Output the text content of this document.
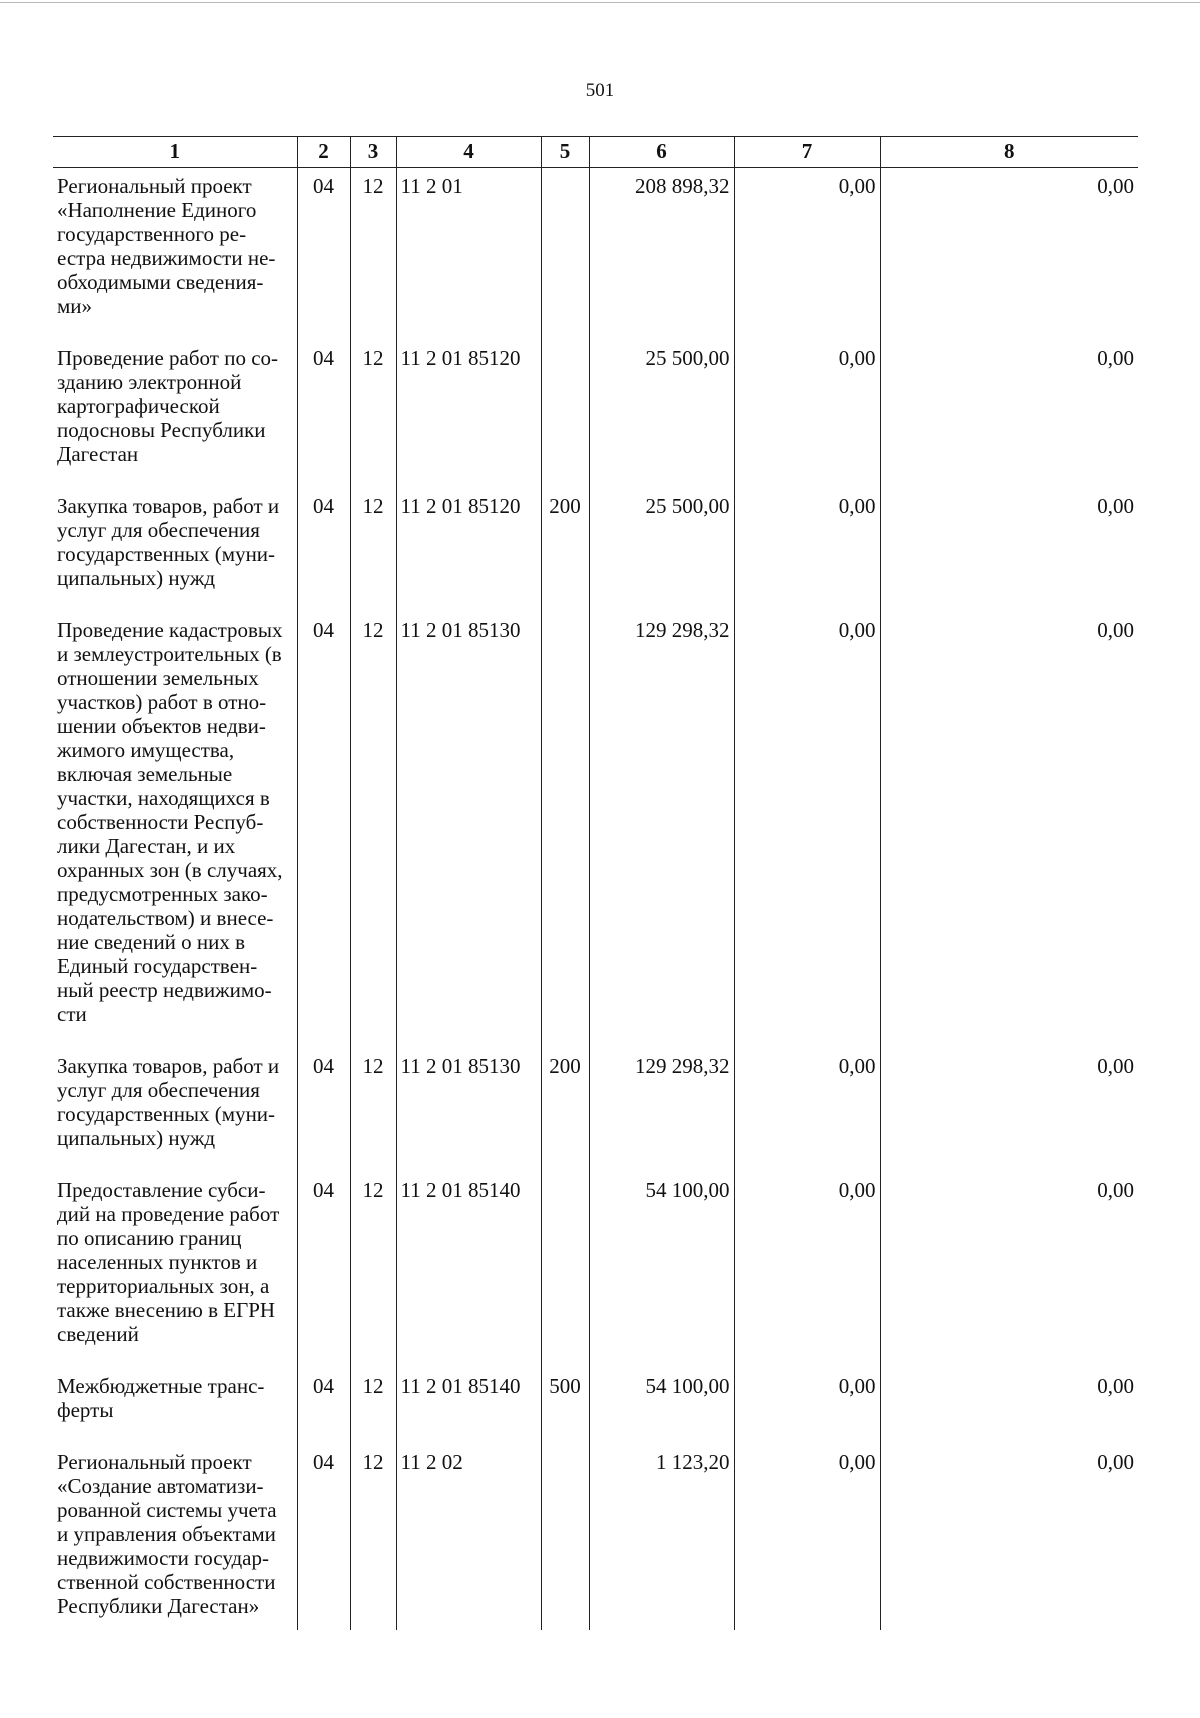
501
1	2	3	4	5	6	7	8
Региональный проект «Наполнение Единого государственного ре-естра недвижимости не-обходимыми сведения-ми»	04	12	11 2 01		208 898,32	0,00	0,00
Проведение работ по со-зданию электронной картографической подосновы Республики Дагестан	04	12	11 2 01 85120		25 500,00	0,00	0,00
Закупка товаров, работ и услуг для обеспечения государственных (муни-ципальных) нужд	04	12	11 2 01 85120	200	25 500,00	0,00	0,00
Проведение кадастровых и землеустроительных (в отношении земельных участков) работ в отно-шении объектов недви-жимого имущества, включая земельные участки, находящихся в собственности Респуб-лики Дагестан, и их охранных зон (в случаях, предусмотренных зако-нодательством) и внесе-ние сведений о них в Единый государствен-ный реестр недвижимо-сти	04	12	11 2 01 85130		129 298,32	0,00	0,00
Закупка товаров, работ и услуг для обеспечения государственных (муни-ципальных) нужд	04	12	11 2 01 85130	200	129 298,32	0,00	0,00
Предоставление субси-дий на проведение работ по описанию границ населенных пунктов и территориальных зон, а также внесению в ЕГРН сведений	04	12	11 2 01 85140		54 100,00	0,00	0,00
Межбюджетные транс-ферты	04	12	11 2 01 85140	500	54 100,00	0,00	0,00
Региональный проект «Создание автоматизи-рованной системы учета и управления объектами недвижимости государ-ственной собственности Республики Дагестан»	04	12	11 2 02		1 123,20	0,00	0,00
